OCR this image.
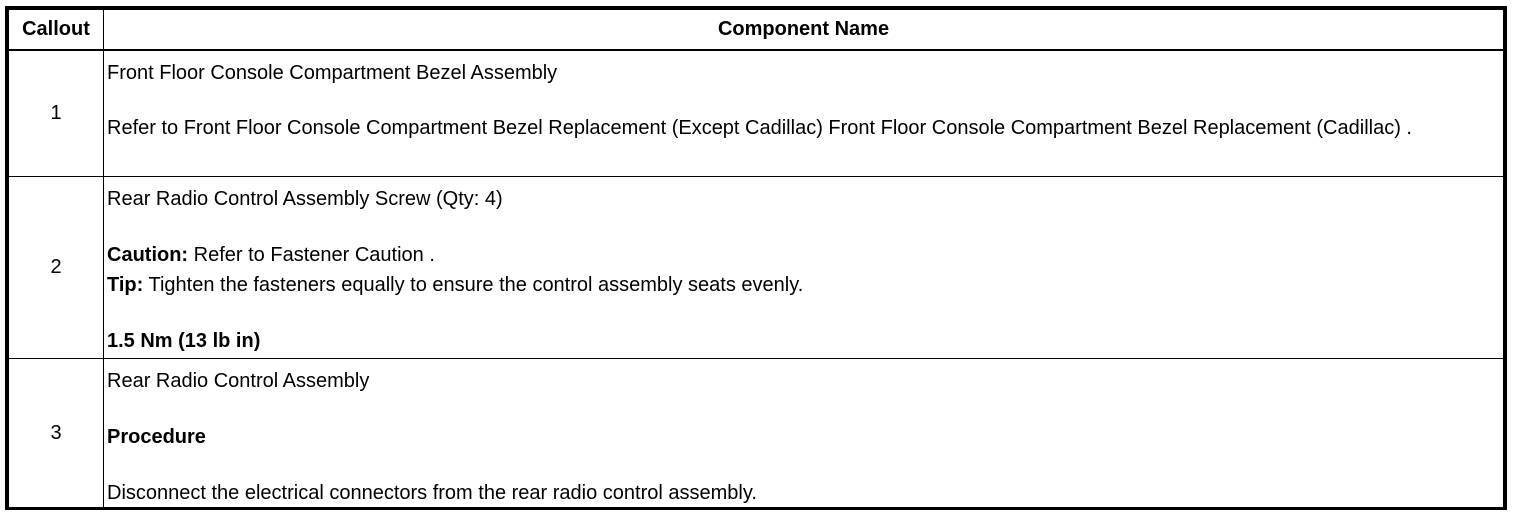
Callout	Component Name
1	Front Floor Console Compartment Bezel Assembly

Refer to Front Floor Console Compartment Bezel Replacement (Except Cadillac) Front Floor Console Compartment Bezel Replacement (Cadillac) .

2	Rear Radio Control Assembly Screw (Qty: 4)

Caution: Refer to Fastener Caution .

Tip: Tighten the fasteners equally to ensure the control assembly seats evenly.

1.5 Nm (13 lb in)

3	Rear Radio Control Assembly

Procedure

Disconnect the electrical connectors from the rear radio control assembly.
